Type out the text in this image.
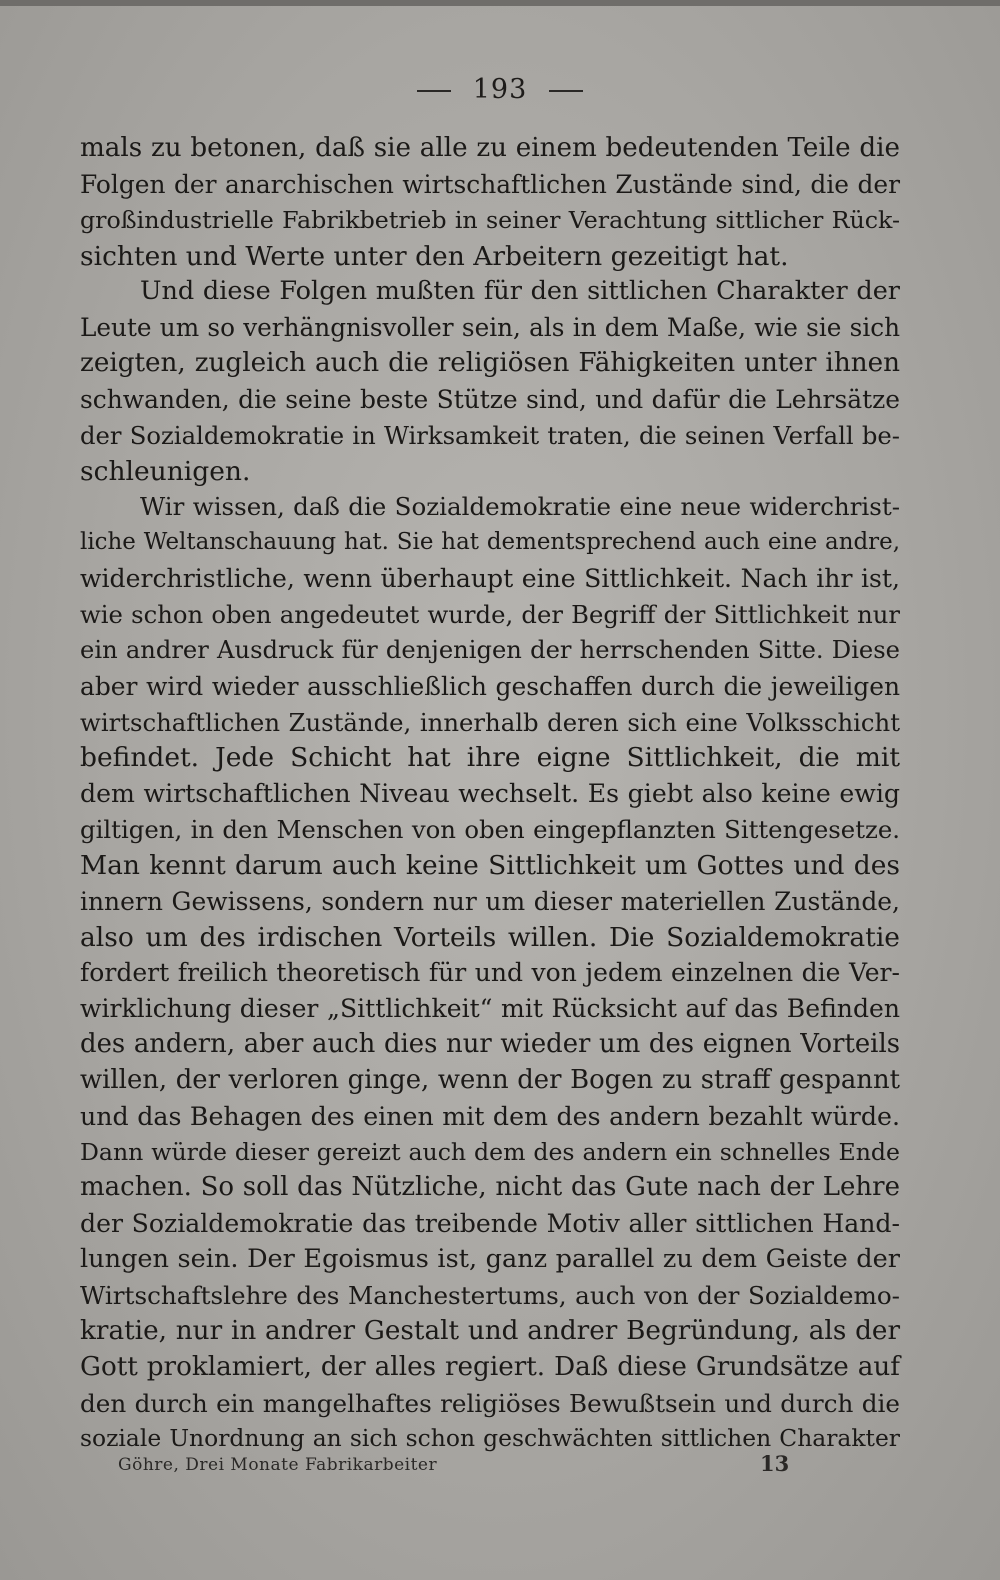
193
mals zu betonen, daß sie alle zu einem bedeutenden Teile die
Folgen der anarchischen wirtschaftlichen Zustände sind, die der
großindustrielle Fabrikbetrieb in seiner Verachtung sittlicher Rück-
sichten und Werte unter den Arbeitern gezeitigt hat.
Und diese Folgen mußten für den sittlichen Charakter der
Leute um so verhängnisvoller sein, als in dem Maße, wie sie sich
zeigten, zugleich auch die religiösen Fähigkeiten unter ihnen
schwanden, die seine beste Stütze sind, und dafür die Lehrsätze
der Sozialdemokratie in Wirksamkeit traten, die seinen Verfall be-
schleunigen.
Wir wissen, daß die Sozialdemokratie eine neue widerchrist-
liche Weltanschauung hat. Sie hat dementsprechend auch eine andre,
widerchristliche, wenn überhaupt eine Sittlichkeit. Nach ihr ist,
wie schon oben angedeutet wurde, der Begriff der Sittlichkeit nur
ein andrer Ausdruck für denjenigen der herrschenden Sitte. Diese
aber wird wieder ausschließlich geschaffen durch die jeweiligen
wirtschaftlichen Zustände, innerhalb deren sich eine Volksschicht
befindet. Jede Schicht hat ihre eigne Sittlichkeit, die mit
dem wirtschaftlichen Niveau wechselt. Es giebt also keine ewig
giltigen, in den Menschen von oben eingepflanzten Sittengesetze.
Man kennt darum auch keine Sittlichkeit um Gottes und des
innern Gewissens, sondern nur um dieser materiellen Zustände,
also um des irdischen Vorteils willen. Die Sozialdemokratie
fordert freilich theoretisch für und von jedem einzelnen die Ver-
wirklichung dieser „Sittlichkeit“ mit Rücksicht auf das Befinden
des andern, aber auch dies nur wieder um des eignen Vorteils
willen, der verloren ginge, wenn der Bogen zu straff gespannt
und das Behagen des einen mit dem des andern bezahlt würde.
Dann würde dieser gereizt auch dem des andern ein schnelles Ende
machen. So soll das Nützliche, nicht das Gute nach der Lehre
der Sozialdemokratie das treibende Motiv aller sittlichen Hand-
lungen sein. Der Egoismus ist, ganz parallel zu dem Geiste der
Wirtschaftslehre des Manchestertums, auch von der Sozialdemo-
kratie, nur in andrer Gestalt und andrer Begründung, als der
Gott proklamiert, der alles regiert. Daß diese Grundsätze auf
den durch ein mangelhaftes religiöses Bewußtsein und durch die
soziale Unordnung an sich schon geschwächten sittlichen Charakter
Göhre, Drei Monate Fabrikarbeiter	13
